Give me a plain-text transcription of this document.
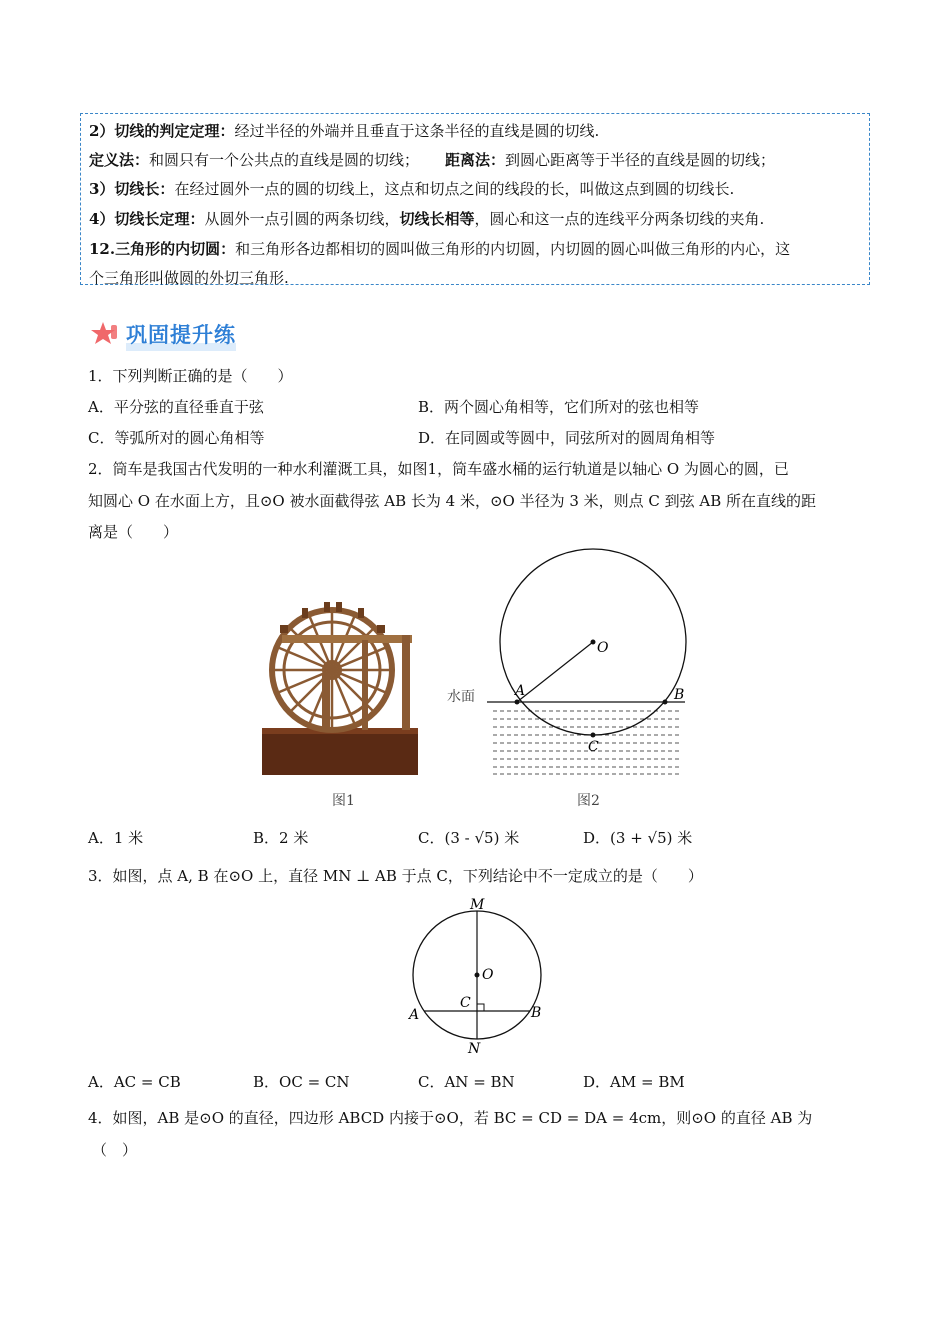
2）切线的判定定理：经过半径的外端并且垂直于这条半径的直线是圆的切线.
定义法：和圆只有一个公共点的直线是圆的切线； 距离法：到圆心距离等于半径的直线是圆的切线；
3）切线长：在经过圆外一点的圆的切线上，这点和切点之间的线段的长，叫做这点到圆的切线长.
4）切线长定理：从圆外一点引圆的两条切线，切线长相等，圆心和这一点的连线平分两条切线的夹角.
12.三角形的内切圆：和三角形各边都相切的圆叫做三角形的内切圆，内切圆的圆心叫做三角形的内心，这
个三角形叫做圆的外切三角形.
巩固提升练
1．下列判断正确的是（　　）
A．平分弦的直径垂直于弦	B．两个圆心角相等，它们所对的弦也相等
C．等弧所对的圆心角相等	D．在同圆或等圆中，同弦所对的圆周角相等
2．筒车是我国古代发明的一种水利灌溉工具，如图1，筒车盛水桶的运行轨道是以轴心 O 为圆心的圆，已
知圆心 O 在水面上方，且⊙O 被水面截得弦 AB 长为 4 米，⊙O 半径为 3 米，则点 C 到弦 AB 所在直线的距
离是（　　）
图1
水面
O
A	B
C
图2
A．1 米	B．2 米	C．(3 - √5) 米	D．(3 + √5) 米
3．如图，点 A, B 在⊙O 上，直径 MN ⊥ AB 于点 C，下列结论中不一定成立的是（　　）
M
O
C
A	B
N
A．AC = CB	B．OC = CN	C．AN = BN	D．AM = BM
4．如图，AB 是⊙O 的直径，四边形 ABCD 内接于⊙O，若 BC = CD = DA = 4cm，则⊙O 的直径 AB 为
（　）
